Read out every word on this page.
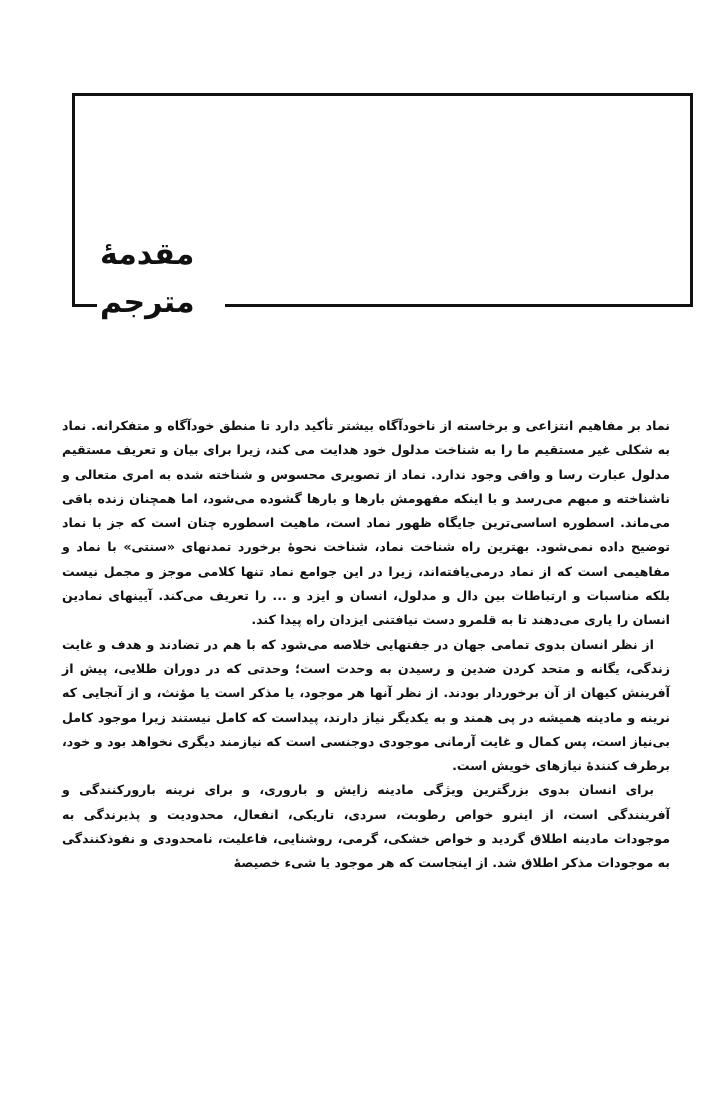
مقدمهٔ
مترجم

نماد بر مفاهیم انتزاعی و برخاسته از ناخودآگاه بیشتر تأکید دارد تا منطق خودآگاه و متفکرانه. نماد به شکلی غیر مستقیم ما را به شناخت مدلول خود هدایت می کند، زیرا برای بیان و تعریف مستقیم مدلول عبارت رسا و وافی وجود ندارد. نماد از تصویری محسوس و شناخته شده به امری متعالی و ناشناخته و مبهم می‌رسد و با اینکه مفهومش بارها و بارها گشوده می‌شود، اما همچنان زنده باقی می‌ماند. اسطوره اساسی‌ترین جایگاه ظهور نماد است، ماهیت اسطوره چنان است که جز با نماد توضیح داده نمی‌شود. بهترین راه شناخت نماد، شناخت نحوهٔ برخورد تمدنهای «سنتی» با نماد و مفاهیمی است که از نماد درمی‌یافته‌اند، زیرا در این جوامع نماد تنها کلامی موجز و مجمل نیست بلکه مناسبات و ارتباطات بین دال و مدلول، انسان و ایزد و ... را تعریف می‌کند. آیینهای نمادین انسان را یاری می‌دهند تا به قلمرو دست نیافتنی ایزدان راه پیدا کند.

از نظر انسان بدوی تمامی جهان در جفتهایی خلاصه می‌شود که با هم در تضادند و هدف و غایت زندگی، یگانه و متحد کردن ضدین و رسیدن به وحدت است؛ وحدتی که در دوران طلایی، پیش از آفرینش کیهان از آن برخوردار بودند. از نظر آنها هر موجود، یا مذکر است یا مؤنث، و از آنجایی که نرینه و مادینه همیشه در پی همند و به یکدیگر نیاز دارند، پیداست که کامل نیستند زیرا موجود کامل بی‌نیاز است، پس کمال و غایت آرمانی موجودی دوجنسی است که نیازمند دیگری نخواهد بود و خود، برطرف کنندهٔ نیازهای خویش است.

برای انسان بدوی بزرگترین ویژگی مادینه زایش و باروری، و برای نرینه بارورکنندگی و آفرینندگی است، از اینرو خواص رطوبت، سردی، تاریکی، انفعال، محدودیت و پذیرندگی به موجودات مادینه اطلاق گردید و خواص خشکی، گرمی، روشنایی، فاعلیت، نامحدودی و نفوذکنندگی به موجودات مذکر اطلاق شد. از اینجاست که هر موجود یا شیء خصیصهٔ
